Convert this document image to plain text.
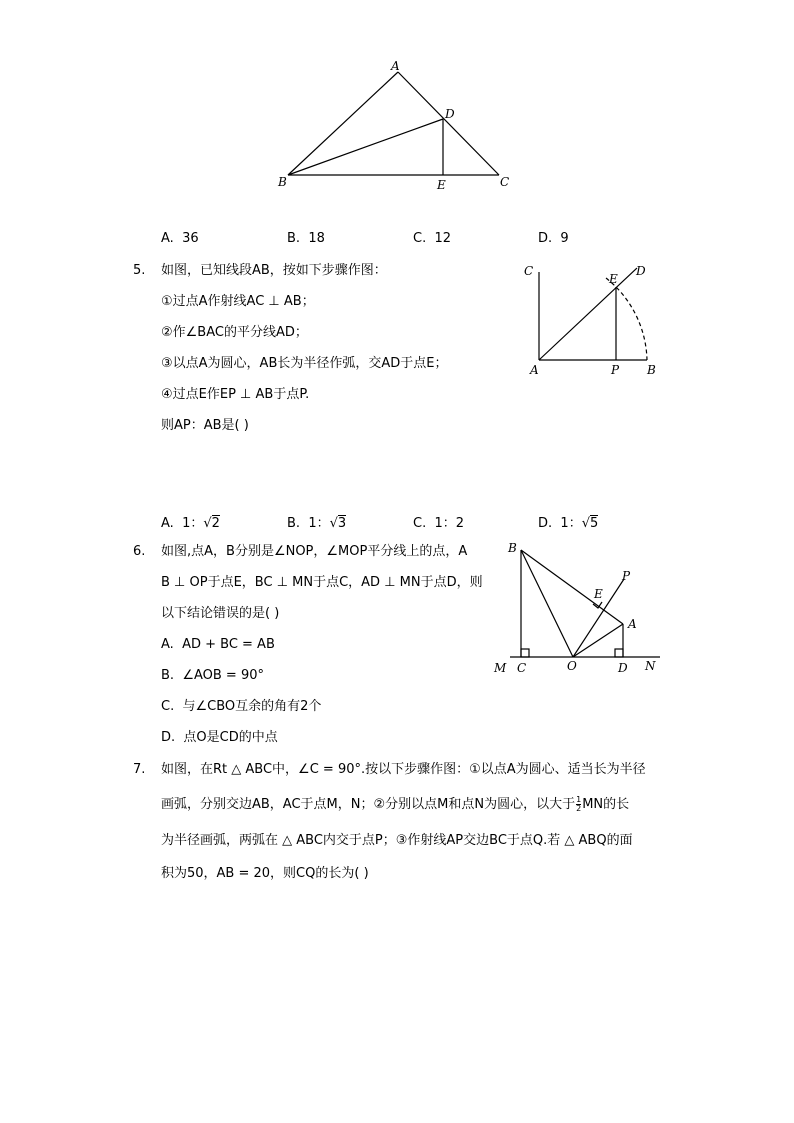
A
B	C
D
E
A. 36	B. 18	C. 12	D. 9
5. 如图，已知线段AB，按如下步骤作图：
①过点A作射线AC ⊥ AB；
②作∠BAC的平分线AD；
③以点A为圆心，AB长为半径作弧，交AD于点E；
④过点E作EP ⊥ AB于点P.
则AP：AB是( )
C	D
E
A	P B
A. 1：√2	B. 1：√3	C. 1：2	D. 1：√5
6. 如图,点A，B分别是∠NOP，∠MOP平分线上的点，A
B ⊥ OP于点E，BC ⊥ MN于点C，AD ⊥ MN于点D，则
以下结论错误的是( )
A. AD + BC = AB
B. ∠AOB = 90°
C. 与∠CBO互余的角有2个
D. 点O是CD的中点
B
E
P
A
M C	O	D N
7. 如图，在Rt △ ABC中，∠C = 90°.按以下步骤作图：①以点A为圆心、适当长为半径
画弧，分别交边AB，AC于点M，N；②分别以点M和点N为圆心，以大于 $\frac{1}{2}$ MN的长
为半径画弧，两弧在 △ ABC内交于点P；③作射线AP交边BC于点Q.若 △ ABQ的面
积为50，AB = 20，则CQ的长为( )
